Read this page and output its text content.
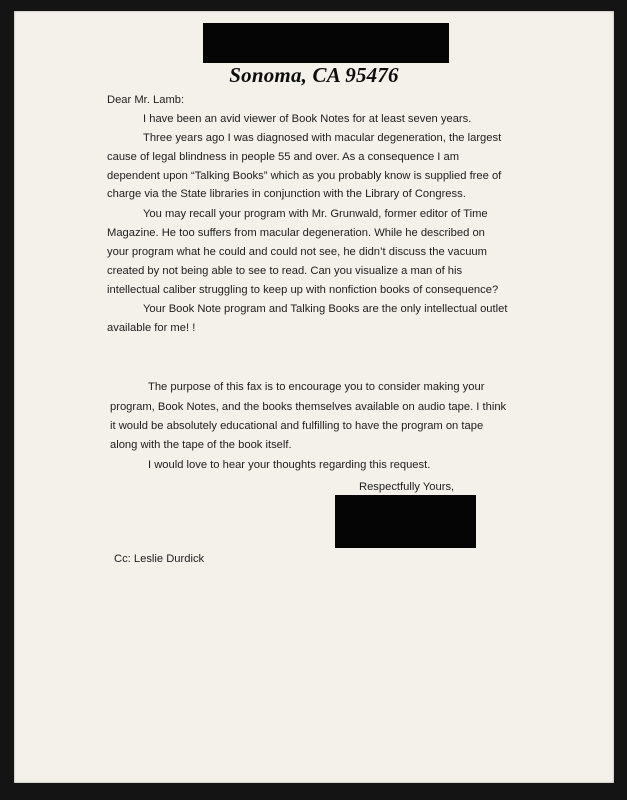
Sonoma, CA 95476
Dear Mr. Lamb:
I have been an avid viewer of Book Notes for at least seven years.
Three years ago I was diagnosed with macular degeneration, the largest
cause of legal blindness in people 55 and over. As a consequence I am
dependent upon “Talking Books” which as you probably know is supplied free of
charge via the State libraries in conjunction with the Library of Congress.
You may recall your program with Mr. Grunwald, former editor of Time
Magazine. He too suffers from macular degeneration. While he described on
your program what he could and could not see, he didn’t discuss the vacuum
created by not being able to see to read. Can you visualize a man of his
intellectual caliber struggling to keep up with nonfiction books of consequence?
Your Book Note program and Talking Books are the only intellectual outlet
available for me! !
The purpose of this fax is to encourage you to consider making your
program, Book Notes, and the books themselves available on audio tape. I think
it would be absolutely educational and fulfilling to have the program on tape
along with the tape of the book itself.
I would love to hear your thoughts regarding this request.
Respectfully Yours,
Cc: Leslie Durdick
